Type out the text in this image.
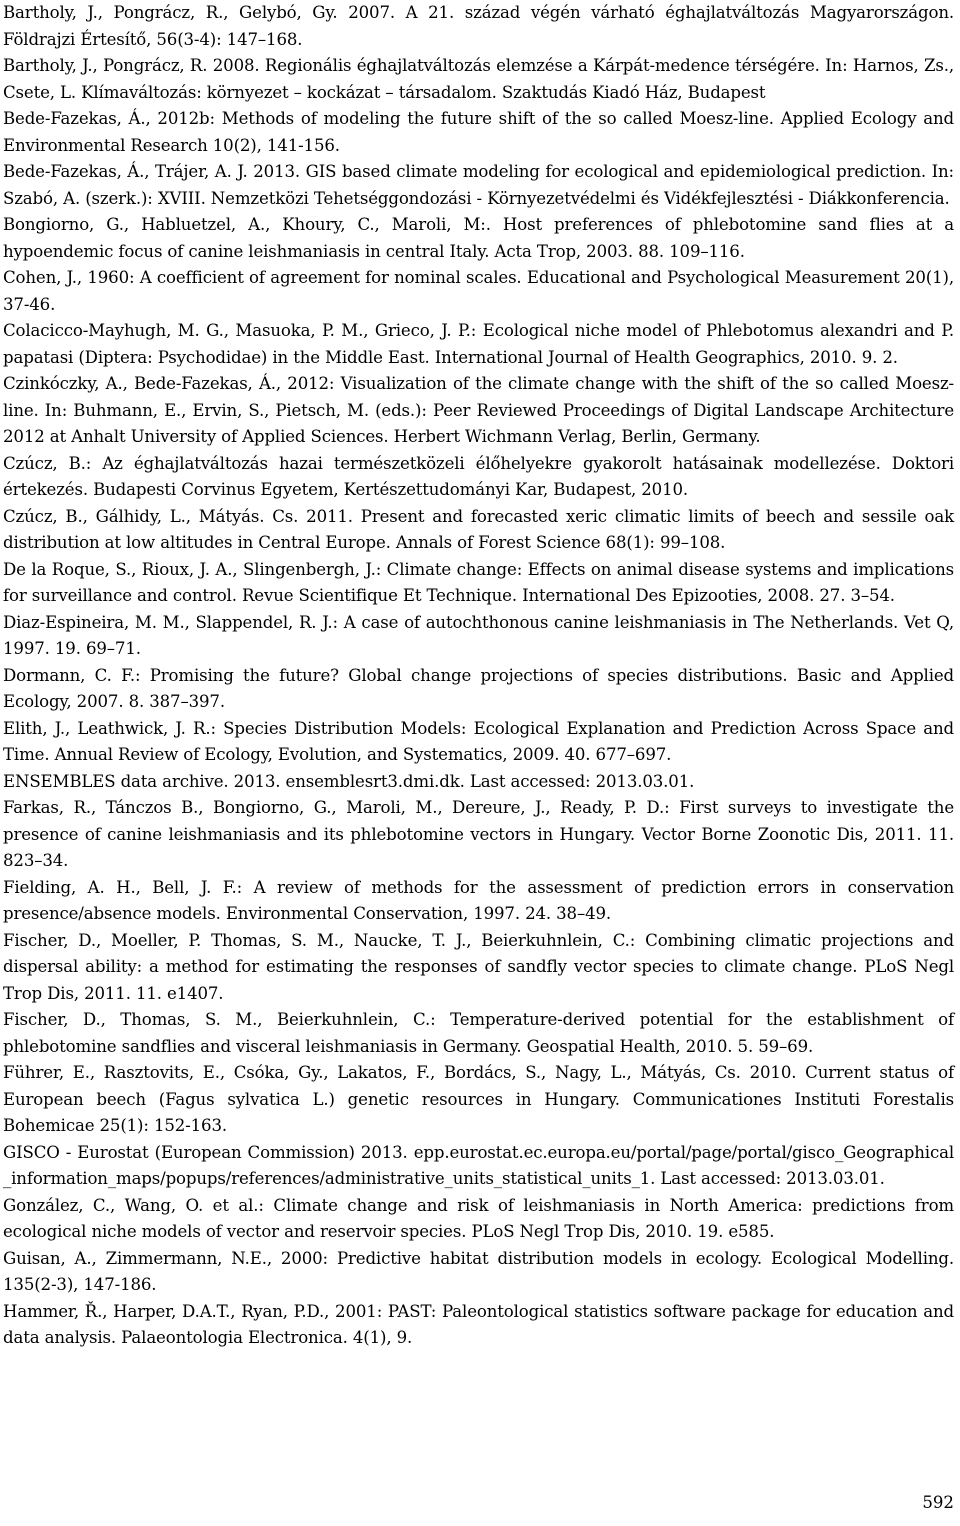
Bartholy, J., Pongrácz, R., Gelybó, Gy. 2007. A 21. század végén várható éghajlatváltozás Magyarországon. Földrajzi Értesítő, 56(3-4): 147–168.

Bartholy, J., Pongrácz, R. 2008. Regionális éghajlatváltozás elemzése a Kárpát-medence térségére. In: Harnos, Zs., Csete, L. Klímaváltozás: környezet – kockázat – társadalom. Szaktudás Kiadó Ház, Budapest

Bede-Fazekas, Á., 2012b: Methods of modeling the future shift of the so called Moesz-line. Applied Ecology and Environmental Research 10(2), 141-156.

Bede-Fazekas, Á., Trájer, A. J. 2013. GIS based climate modeling for ecological and epidemiological prediction. In: Szabó, A. (szerk.): XVIII. Nemzetközi Tehetséggondozási - Környezetvédelmi és Vidékfejlesztési - Diákkonferencia.

Bongiorno, G., Habluetzel, A., Khoury, C., Maroli, M:. Host preferences of phlebotomine sand flies at a hypoendemic focus of canine leishmaniasis in central Italy. Acta Trop, 2003. 88. 109–116.

Cohen, J., 1960: A coefficient of agreement for nominal scales. Educational and Psychological Measurement 20(1), 37-46.

Colacicco-Mayhugh, M. G., Masuoka, P. M., Grieco, J. P.: Ecological niche model of Phlebotomus alexandri and P. papatasi (Diptera: Psychodidae) in the Middle East. International Journal of Health Geographics, 2010. 9. 2.

Czinkóczky, A., Bede-Fazekas, Á., 2012: Visualization of the climate change with the shift of the so called Moesz-line. In: Buhmann, E., Ervin, S., Pietsch, M. (eds.): Peer Reviewed Proceedings of Digital Landscape Architecture 2012 at Anhalt University of Applied Sciences. Herbert Wichmann Verlag, Berlin, Germany.

Czúcz, B.: Az éghajlatváltozás hazai természetközeli élőhelyekre gyakorolt hatásainak modellezése. Doktori értekezés. Budapesti Corvinus Egyetem, Kertészettudományi Kar, Budapest, 2010.

Czúcz, B., Gálhidy, L., Mátyás. Cs. 2011. Present and forecasted xeric climatic limits of beech and sessile oak distribution at low altitudes in Central Europe. Annals of Forest Science 68(1): 99–108.

De la Roque, S., Rioux, J. A., Slingenbergh, J.: Climate change: Effects on animal disease systems and implications for surveillance and control. Revue Scientifique Et Technique. International Des Epizooties, 2008. 27. 3–54.

Diaz-Espineira, M. M., Slappendel, R. J.: A case of autochthonous canine leishmaniasis in The Netherlands. Vet Q, 1997. 19. 69–71.

Dormann, C. F.: Promising the future? Global change projections of species distributions. Basic and Applied Ecology, 2007. 8. 387–397.

Elith, J., Leathwick, J. R.: Species Distribution Models: Ecological Explanation and Prediction Across Space and Time. Annual Review of Ecology, Evolution, and Systematics, 2009. 40. 677–697.

ENSEMBLES data archive. 2013. ensemblesrt3.dmi.dk. Last accessed: 2013.03.01.

Farkas, R., Tánczos B., Bongiorno, G., Maroli, M., Dereure, J., Ready, P. D.: First surveys to investigate the presence of canine leishmaniasis and its phlebotomine vectors in Hungary. Vector Borne Zoonotic Dis, 2011. 11. 823–34.

Fielding, A. H., Bell, J. F.: A review of methods for the assessment of prediction errors in conservation presence/absence models. Environmental Conservation, 1997. 24. 38–49.

Fischer, D., Moeller, P. Thomas, S. M., Naucke, T. J., Beierkuhnlein, C.: Combining climatic projections and dispersal ability: a method for estimating the responses of sandfly vector species to climate change. PLoS Negl Trop Dis, 2011. 11. e1407.

Fischer, D., Thomas, S. M., Beierkuhnlein, C.: Temperature-derived potential for the establishment of phlebotomine sandflies and visceral leishmaniasis in Germany. Geospatial Health, 2010. 5. 59–69.

Führer, E., Rasztovits, E., Csóka, Gy., Lakatos, F., Bordács, S., Nagy, L., Mátyás, Cs. 2010. Current status of European beech (Fagus sylvatica L.) genetic resources in Hungary. Communicationes Instituti Forestalis Bohemicae 25(1): 152-163.

GISCO - Eurostat (European Commission) 2013. epp.eurostat.ec.europa.eu/portal/page/portal/gisco_Geographical_information_maps/popups/references/administrative_units_statistical_units_1. Last accessed: 2013.03.01.

González, C., Wang, O. et al.: Climate change and risk of leishmaniasis in North America: predictions from ecological niche models of vector and reservoir species. PLoS Negl Trop Dis, 2010. 19. e585.

Guisan, A., Zimmermann, N.E., 2000: Predictive habitat distribution models in ecology. Ecological Modelling. 135(2-3), 147-186.

Hammer, Ř., Harper, D.A.T., Ryan, P.D., 2001: PAST: Paleontological statistics software package for education and data analysis. Palaeontologia Electronica. 4(1), 9.

592
